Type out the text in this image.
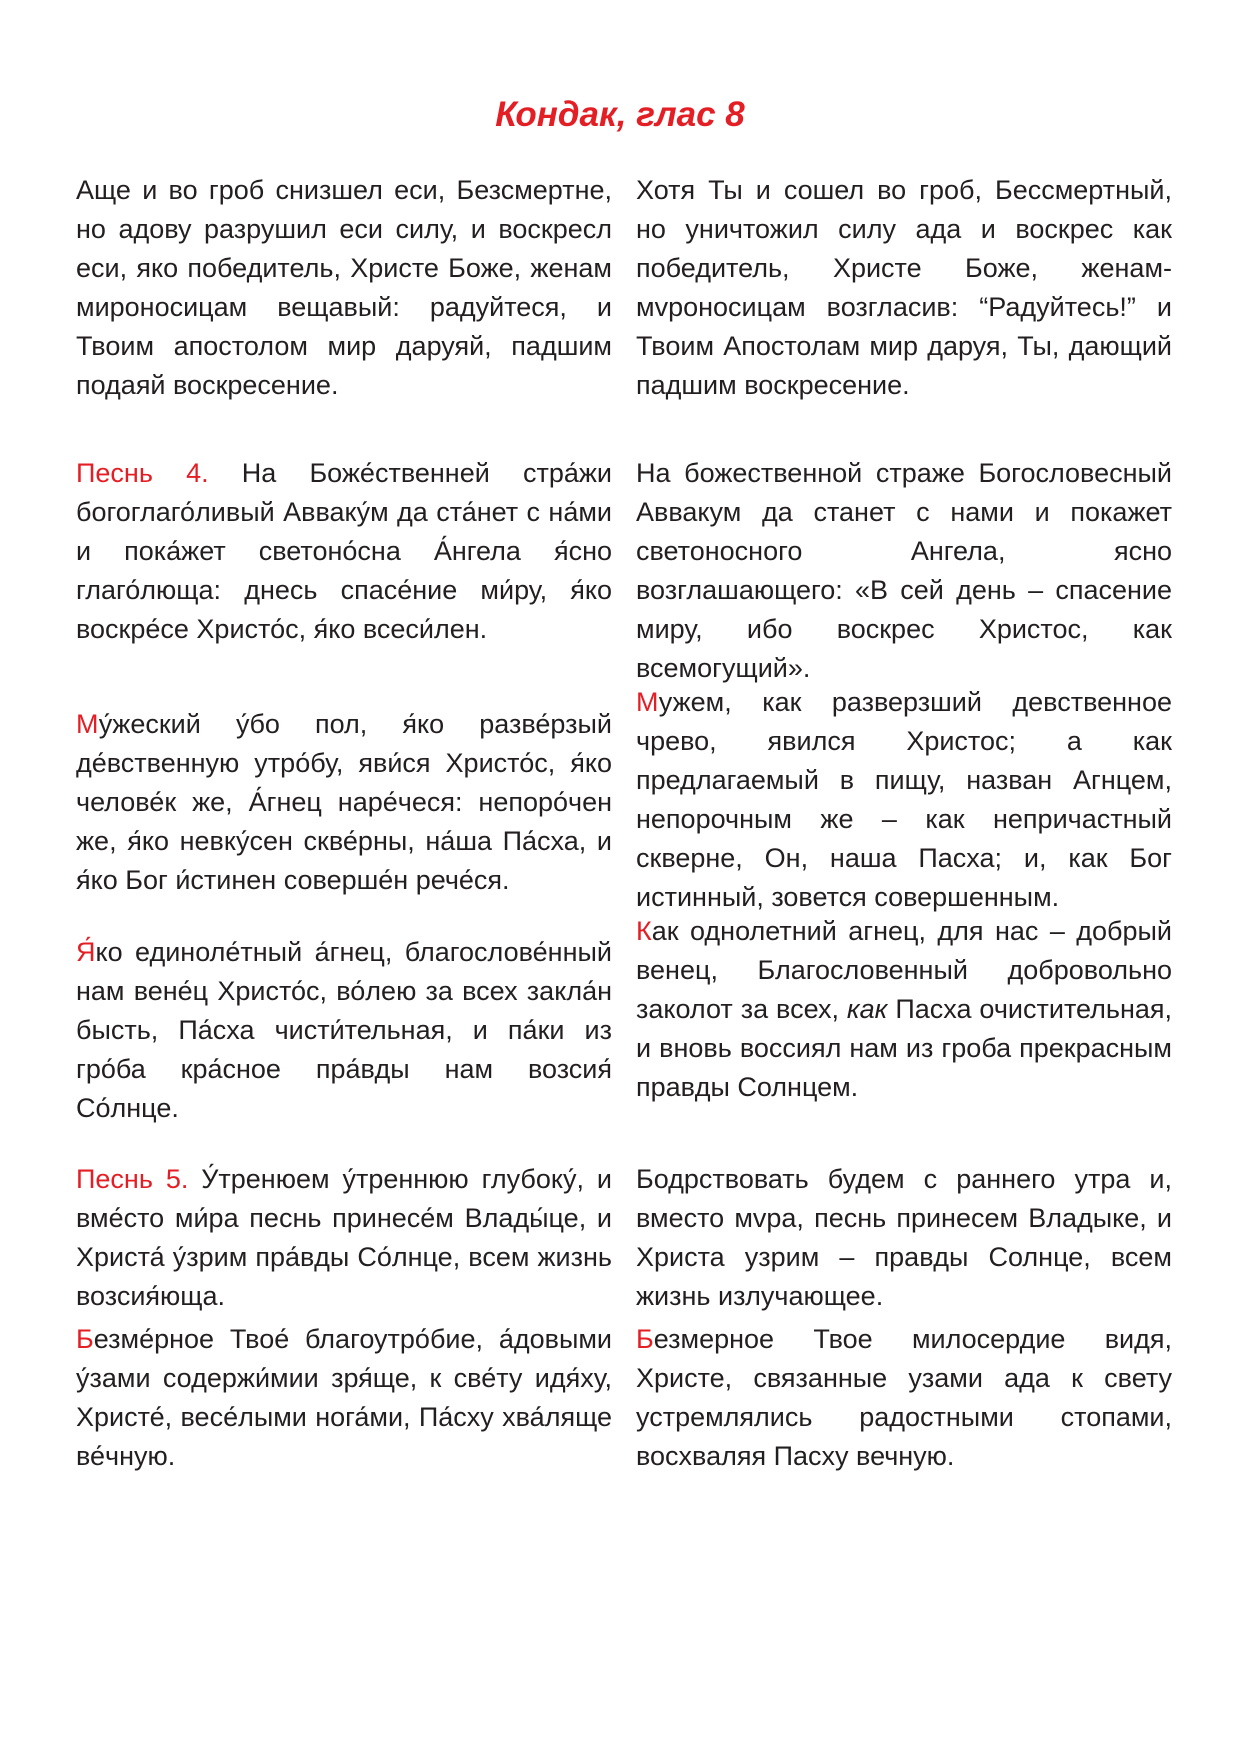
Кондак, глас 8

Аще и во гроб снизшел еси, Безсмертне, но адову разрушил еси силу, и воскресл еси, яко победитель, Христе Боже, женам мироносицам вещавый: радуйтеся, и Твоим апостолом мир даруяй, падшим подаяй воскресение.

Хотя Ты и сошел во гроб, Бессмертный, но уничтожил силу ада и воскрес как победитель, Христе Боже, женам-мvроносицам возгласив: “Радуйтесь!” и Твоим Апостолам мир даруя, Ты, дающий падшим воскресение.

Песнь 4. На Боже́ственней стра́жи богоглаго́ливый Авваку́м да ста́нет с на́ми и пока́жет светоно́сна А́нгела я́сно глаго́люща: днесь спасе́ние ми́ру, я́ко воскре́се Христо́с, я́ко всеси́лен.

На божественной страже Богословесный Аввакум да станет с нами и покажет светоносного Ангела, ясно возглашающего: «В сей день – спасение миру, ибо воскрес Христос, как всемогущий».

Му́жеский у́бо пол, я́ко разве́рзый де́вственную утро́бу, яви́ся Христо́с, я́ко челове́к же, А́гнец наре́чеся: непоро́чен же, я́ко невку́сен скве́рны, на́ша Па́сха, и я́ко Бог и́стинен соверше́н рече́ся.

Мужем, как разверзший девственное чрево, явился Христос; а как предлагаемый в пищу, назван Агнцем, непорочным же – как непричастный скверне, Он, наша Пасха; и, как Бог истинный, зовется совершенным.

Я́ко единоле́тный а́гнец, благослове́нный нам вене́ц Христо́с, во́лею за всех закла́н бысть, Па́сха чисти́тельная, и па́ки из гро́ба кра́сное пра́вды нам возсия́ Со́лнце.

Как однолетний агнец, для нас – добрый венец, Благословенный добровольно заколот за всех, как Пасха очистительная, и вновь воссиял нам из гроба прекрасным правды Солнцем.

Песнь 5. У́тренюем у́треннюю глубоку́, и вме́сто ми́ра песнь принесе́м Влады́це, и Христа́ у́зрим пра́вды Со́лнце, всем жизнь возсия́юща.

Бодрствовать будем с раннего утра и, вместо мvра, песнь принесем Владыке, и Христа узрим – правды Солнце, всем жизнь излучающее.

Безме́рное Твое́ благоутро́бие, а́довыми у́зами содержи́мии зря́ще, к све́ту идя́ху, Христе́, весе́лыми нога́ми, Па́сху хва́ляще ве́чную.

Безмерное Твое милосердие видя, Христе, связанные узами ада к свету устремлялись радостными стопами, восхваляя Пасху вечную.
